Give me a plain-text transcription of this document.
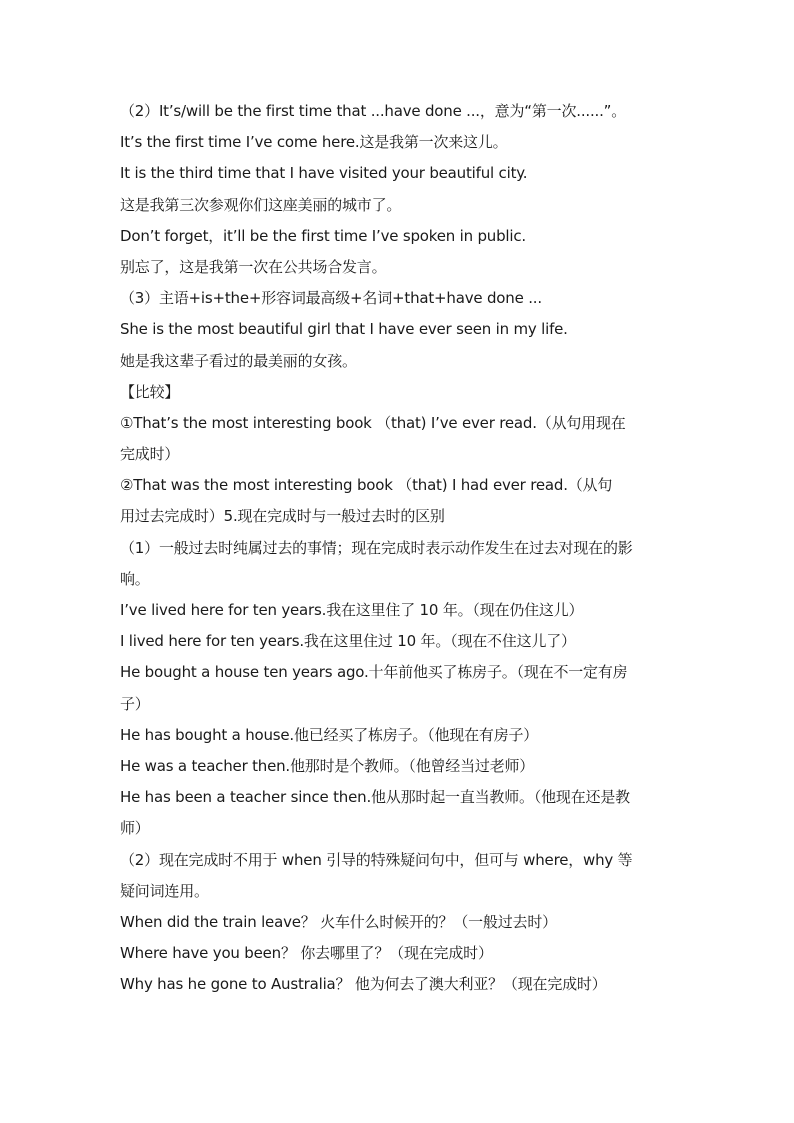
（2）It’s/will be the first time that ...have done ...，意为“第一次......”。
It’s the first time I’ve come here.这是我第一次来这儿。
It is the third time that I have visited your beautiful city.
这是我第三次参观你们这座美丽的城市了。
Don’t forget，it’ll be the first time I’ve spoken in public.
别忘了，这是我第一次在公共场合发言。
（3）主语+is+the+形容词最高级+名词+that+have done ...
She is the most beautiful girl that I have ever seen in my life.
她是我这辈子看过的最美丽的女孩。
【比较】
①That’s the most interesting book （that) I’ve ever read.（从句用现在
完成时）
②That was the most interesting book （that) I had ever read.（从句
用过去完成时）5.现在完成时与一般过去时的区别
（1）一般过去时纯属过去的事情；现在完成时表示动作发生在过去对现在的影
响。
I’ve lived here for ten years.我在这里住了 10 年。（现在仍住这儿）
I lived here for ten years.我在这里住过 10 年。（现在不住这儿了）
He bought a house ten years ago.十年前他买了栋房子。（现在不一定有房
子）
He has bought a house.他已经买了栋房子。（他现在有房子）
He was a teacher then.他那时是个教师。（他曾经当过老师）
He has been a teacher since then.他从那时起一直当教师。（他现在还是教
师）
（2）现在完成时不用于 when 引导的特殊疑问句中，但可与 where，why 等
疑问词连用。
When did the train leave？ 火车什么时候开的？（一般过去时）
Where have you been？ 你去哪里了？（现在完成时）
Why has he gone to Australia？ 他为何去了澳大利亚？（现在完成时）
